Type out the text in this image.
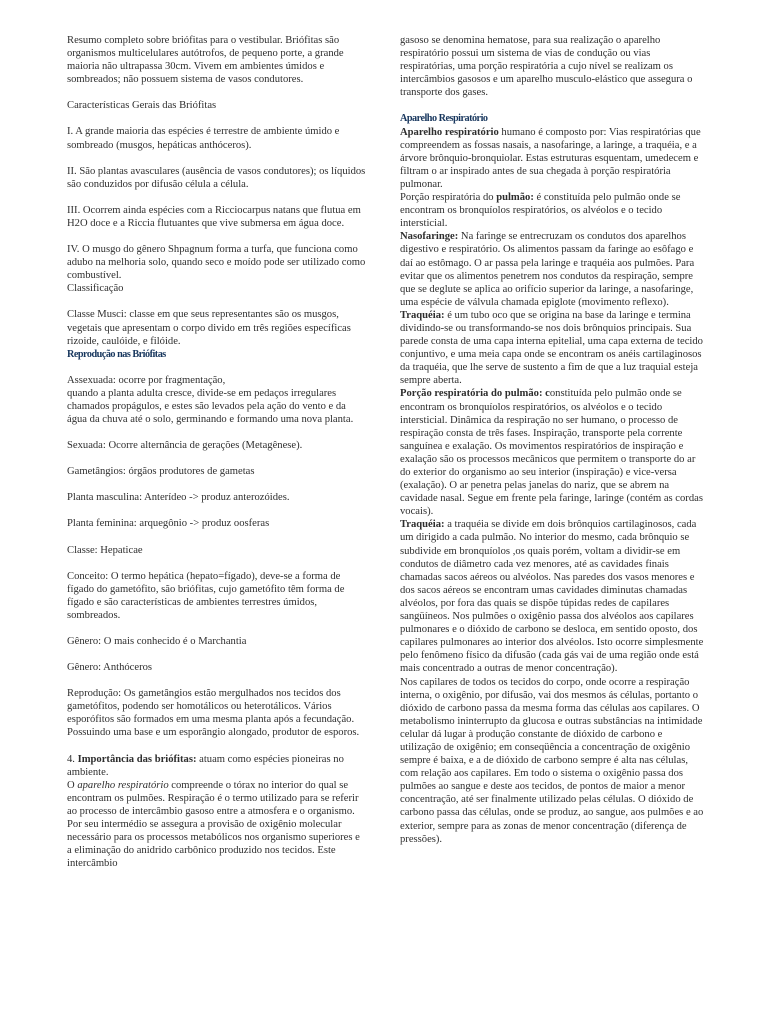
Resumo completo sobre briófitas para o vestibular. Briófitas são organismos multicelulares autótrofos, de pequeno porte, a grande maioria não ultrapassa 30cm. Vivem em ambientes úmidos e sombreados; não possuem sistema de vasos condutores.

Características Gerais das Briófitas

I. A grande maioria das espécies é terrestre de ambiente úmido e sombreado (musgos, hepáticas anthóceros).

II. São plantas avasculares (ausência de vasos condutores); os líquidos são conduzidos por difusão célula a célula.

III. Ocorrem ainda espécies com a Ricciocarpus natans que flutua em H2O doce e a Riccia flutuantes que vive submersa em água doce.

IV. O musgo do gênero Shpagnum forma a turfa, que funciona como adubo na melhoria solo, quando seco e moído pode ser utilizado como combustível.

Classificação

Classe Musci: classe em que seus representantes são os musgos, vegetais que apresentam o corpo divido em três regiões específicas rizoide, caulóide, e filóide.

Reprodução nas Briófitas

Assexuada: ocorre por fragmentação,
quando a planta adulta cresce, divide-se em pedaços irregulares chamados propágulos, e estes são levados pela ação do vento e da água da chuva até o solo, germinando e formando uma nova planta.

Sexuada: Ocorre alternância de gerações (Metagênese).

Gametângios: órgãos produtores de gametas

Planta masculina: Anterídeo -> produz anterozóides.

Planta feminina: arquegônio -> produz oosferas

Classe: Hepaticae

Conceito: O termo hepática (hepato=fígado), deve-se a forma de fígado do gametófito, são briófitas, cujo gametófito têm forma de fígado e são características de ambientes terrestres úmidos, sombreados.

Gênero: O mais conhecido é o Marchantia

Gênero: Anthóceros

Reprodução: Os gametângios estão mergulhados nos tecidos dos gametófitos, podendo ser homotálicos ou heterotálicos. Vários esporófitos são formados em uma mesma planta após a fecundação. Possuindo uma base e um esporângio alongado, produtor de esporos.

4. Importância das briófitas: atuam como espécies pioneiras no ambiente.

O aparelho respiratório compreende o tórax no interior do qual se encontram os pulmões. Respiração é o termo utilizado para se referir ao processo de intercâmbio gasoso entre a atmosfera e o organismo. Por seu intermédio se assegura a provisão de oxigênio molecular necessário para os processos metabólicos nos organismo superiores e a eliminação do anidrido carbônico produzido nos tecidos. Este intercâmbio

gasoso se denomina hematose, para sua realização o aparelho respiratório possui um sistema de vias de condução ou vias respiratórias, uma porção respiratória a cujo nível se realizam os intercâmbios gasosos e um aparelho musculo-elástico que assegura o transporte dos gases.

Aparelho Respiratório

Aparelho respiratório humano é composto por: Vias respiratórias que compreendem as fossas nasais, a nasofaringe, a laringe, a traquéia, e a árvore brônquio-bronquiolar. Estas estruturas esquentam, umedecem e filtram o ar inspirado antes de sua chegada à porção respiratória pulmonar.

Porção respiratória do pulmão: é constituída pelo pulmão onde se encontram os bronquíolos respiratórios, os alvéolos e o tecido intersticial.

Nasofaringe: Na faringe se entrecruzam os condutos dos aparelhos digestivo e respiratório. Os alimentos passam da faringe ao esôfago e daí ao estômago. O ar passa pela laringe e traquéia aos pulmões. Para evitar que os alimentos penetrem nos condutos da respiração, sempre que se deglute se aplica ao orifício superior da laringe, a nasofaringe, uma espécie de válvula chamada epiglote (movimento reflexo).

Traquéia: é um tubo oco que se origina na base da laringe e termina dividindo-se ou transformando-se nos dois brônquios principais. Sua parede consta de uma capa interna epitelial, uma capa externa de tecido conjuntivo, e uma meia capa onde se encontram os anéis cartilaginosos da traquéia, que lhe serve de sustento a fim de que a luz traquial esteja sempre aberta.

Porção respiratória do pulmão: constituída pelo pulmão onde se encontram os bronquíolos respiratórios, os alvéolos e o tecido intersticial. Dinâmica da respiração no ser humano, o processo de respiração consta de três fases. Inspiração, transporte pela corrente sanguínea e exalação. Os movimentos respiratórios de inspiração e exalação são os processos mecânicos que permitem o transporte do ar do exterior do organismo ao seu interior (inspiração) e vice-versa (exalação). O ar penetra pelas janelas do nariz, que se abrem na cavidade nasal. Segue em frente pela faringe, laringe (contém as cordas vocais).

Traquéia: a traquéia se divide em dois brônquios cartilaginosos, cada um dirigido a cada pulmão. No interior do mesmo, cada brônquio se subdivide em bronquíolos ,os quais porém, voltam a dividir-se em condutos de diâmetro cada vez menores, até as cavidades finais chamadas sacos aéreos ou alvéolos. Nas paredes dos vasos menores e dos sacos aéreos se encontram umas cavidades diminutas chamadas alvéolos, por fora das quais se dispõe túpidas redes de capilares sangüíneos. Nos pulmões o oxigênio passa dos alvéolos aos capilares pulmonares e o dióxido de carbono se desloca, em sentido oposto, dos capilares pulmonares ao interior dos alvéolos. Isto ocorre simplesmente pelo fenômeno físico da difusão (cada gás vai de uma região onde está mais concentrado a outras de menor concentração).

Nos capilares de todos os tecidos do corpo, onde ocorre a respiração interna, o oxigênio, por difusão, vai dos mesmos ás células, portanto o dióxido de carbono passa da mesma forma das células aos capilares. O metabolismo ininterrupto da glucosa e outras substâncias na intimidade celular dá lugar à produção constante de dióxido de carbono e utilização de oxigênio; em conseqüência a concentração de oxigênio sempre é baixa, e a de dióxido de carbono sempre é alta nas células, com relação aos capilares. Em todo o sistema o oxigênio passa dos pulmões ao sangue e deste aos tecidos, de pontos de maior a menor concentração, até ser finalmente utilizado pelas células. O dióxido de carbono passa das células, onde se produz, ao sangue, aos pulmões e ao exterior, sempre para as zonas de menor concentração (diferença de pressões).
